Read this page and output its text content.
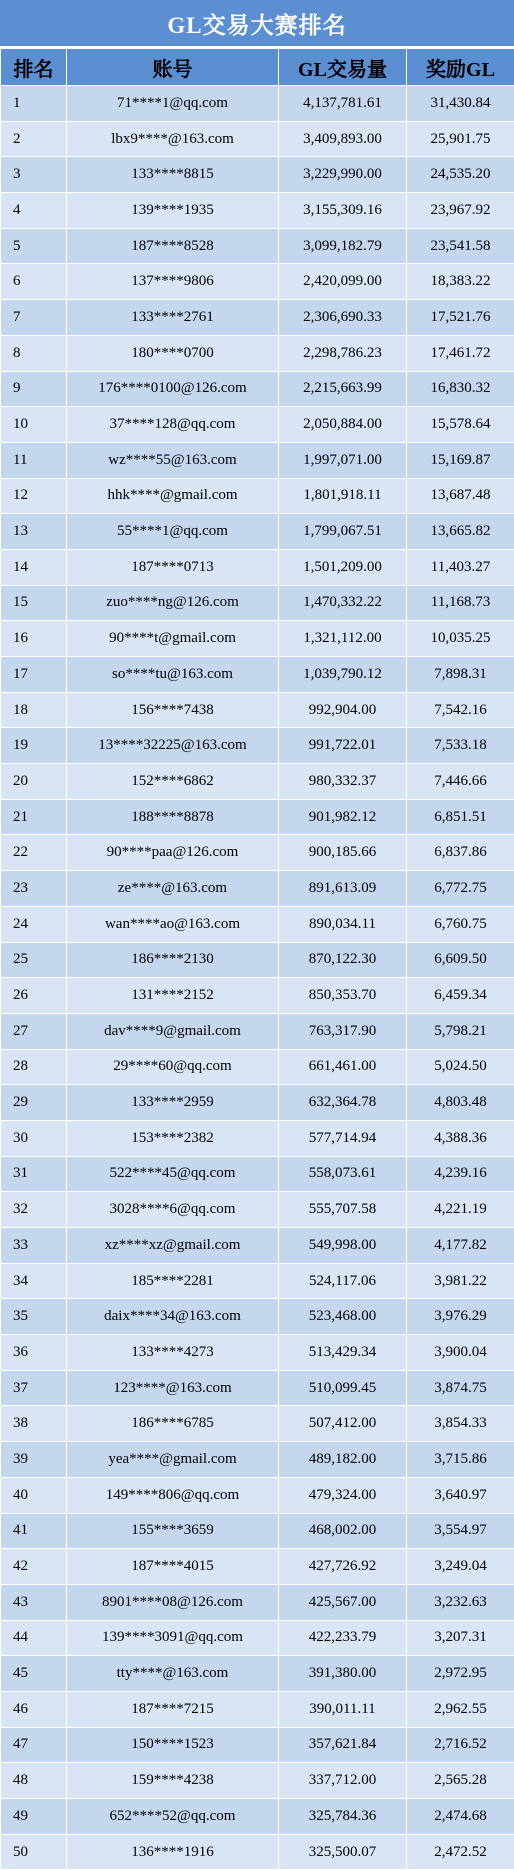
GL交易大赛排名
排名	账号	GL交易量	奖励GL
1	71****1@qq.com	4,137,781.61	31,430.84
2	lbx9****@163.com	3,409,893.00	25,901.75
3	133****8815	3,229,990.00	24,535.20
4	139****1935	3,155,309.16	23,967.92
5	187****8528	3,099,182.79	23,541.58
6	137****9806	2,420,099.00	18,383.22
7	133****2761	2,306,690.33	17,521.76
8	180****0700	2,298,786.23	17,461.72
9	176****0100@126.com	2,215,663.99	16,830.32
10	37****128@qq.com	2,050,884.00	15,578.64
11	wz****55@163.com	1,997,071.00	15,169.87
12	hhk****@gmail.com	1,801,918.11	13,687.48
13	55****1@qq.com	1,799,067.51	13,665.82
14	187****0713	1,501,209.00	11,403.27
15	zuo****ng@126.com	1,470,332.22	11,168.73
16	90****t@gmail.com	1,321,112.00	10,035.25
17	so****tu@163.com	1,039,790.12	7,898.31
18	156****7438	992,904.00	7,542.16
19	13****32225@163.com	991,722.01	7,533.18
20	152****6862	980,332.37	7,446.66
21	188****8878	901,982.12	6,851.51
22	90****paa@126.com	900,185.66	6,837.86
23	ze****@163.com	891,613.09	6,772.75
24	wan****ao@163.com	890,034.11	6,760.75
25	186****2130	870,122.30	6,609.50
26	131****2152	850,353.70	6,459.34
27	dav****9@gmail.com	763,317.90	5,798.21
28	29****60@qq.com	661,461.00	5,024.50
29	133****2959	632,364.78	4,803.48
30	153****2382	577,714.94	4,388.36
31	522****45@qq.com	558,073.61	4,239.16
32	3028****6@qq.com	555,707.58	4,221.19
33	xz****xz@gmail.com	549,998.00	4,177.82
34	185****2281	524,117.06	3,981.22
35	daix****34@163.com	523,468.00	3,976.29
36	133****4273	513,429.34	3,900.04
37	123****@163.com	510,099.45	3,874.75
38	186****6785	507,412.00	3,854.33
39	yea****@gmail.com	489,182.00	3,715.86
40	149****806@qq.com	479,324.00	3,640.97
41	155****3659	468,002.00	3,554.97
42	187****4015	427,726.92	3,249.04
43	8901****08@126.com	425,567.00	3,232.63
44	139****3091@qq.com	422,233.79	3,207.31
45	tty****@163.com	391,380.00	2,972.95
46	187****7215	390,011.11	2,962.55
47	150****1523	357,621.84	2,716.52
48	159****4238	337,712.00	2,565.28
49	652****52@qq.com	325,784.36	2,474.68
50	136****1916	325,500.07	2,472.52
